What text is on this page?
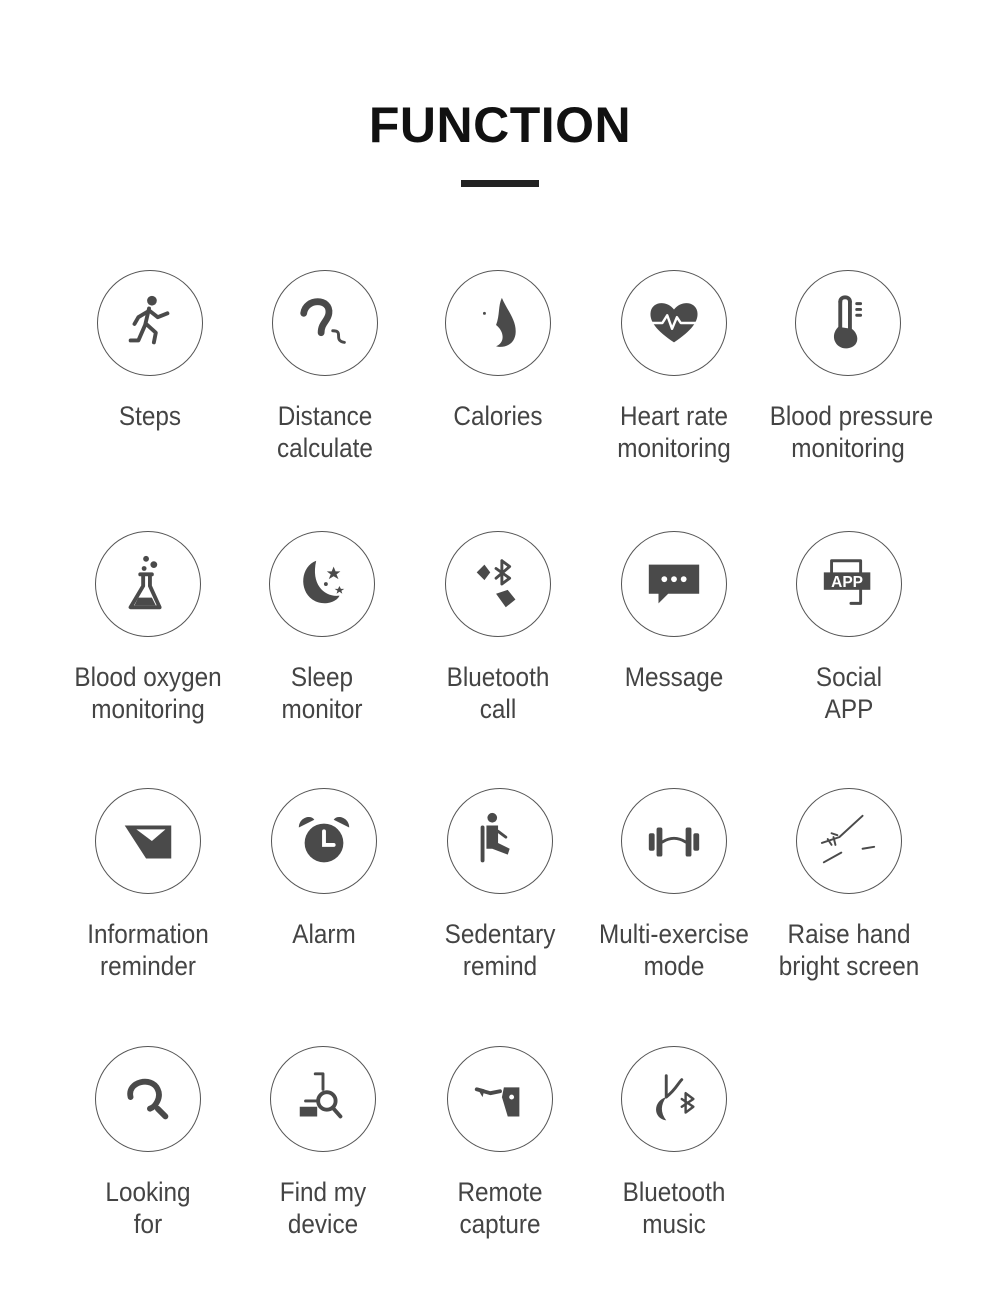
FUNCTION
Steps	Distance
calculate
Calories	Heart rate
monitoring
Blood pressure
monitoring
Blood oxygen
monitoring
Sleep
monitor
Bluetooth
call
Message
APP
Social
APP
Information
reminder
Alarm	Sedentary
remind
Multi-exercise
mode
Raise hand
bright screen
Looking
for
Find my
device
Remote
capture
Bluetooth
music
